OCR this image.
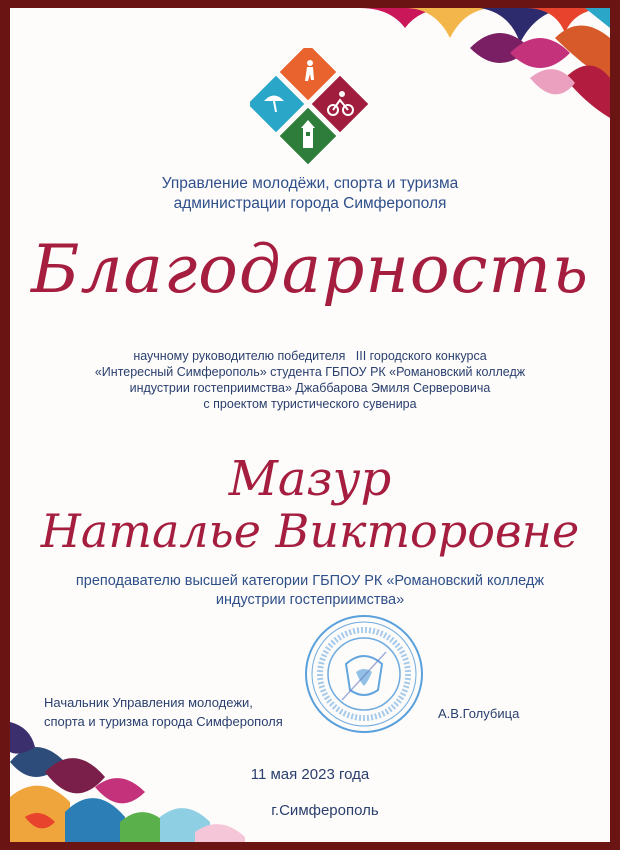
Управление молодёжи, спорта и туризма
администрации города Симферополя
Благодарность
научному руководителю победителя   III городского конкурса
«Интересный Симферополь» студента ГБПОУ РК «Романовский колледж
индустрии гостеприимства» Джаббарова Эмиля Серверовича
с проектом туристического сувенира
Мазур
Наталье Викторовне
преподавателю высшей категории ГБПОУ РК «Романовский колледж
индустрии гостеприимства»
Начальник Управления молодежи,
спорта и туризма города Симферополя
А.В.Голубица
11 мая 2023 года
г.Симферополь
